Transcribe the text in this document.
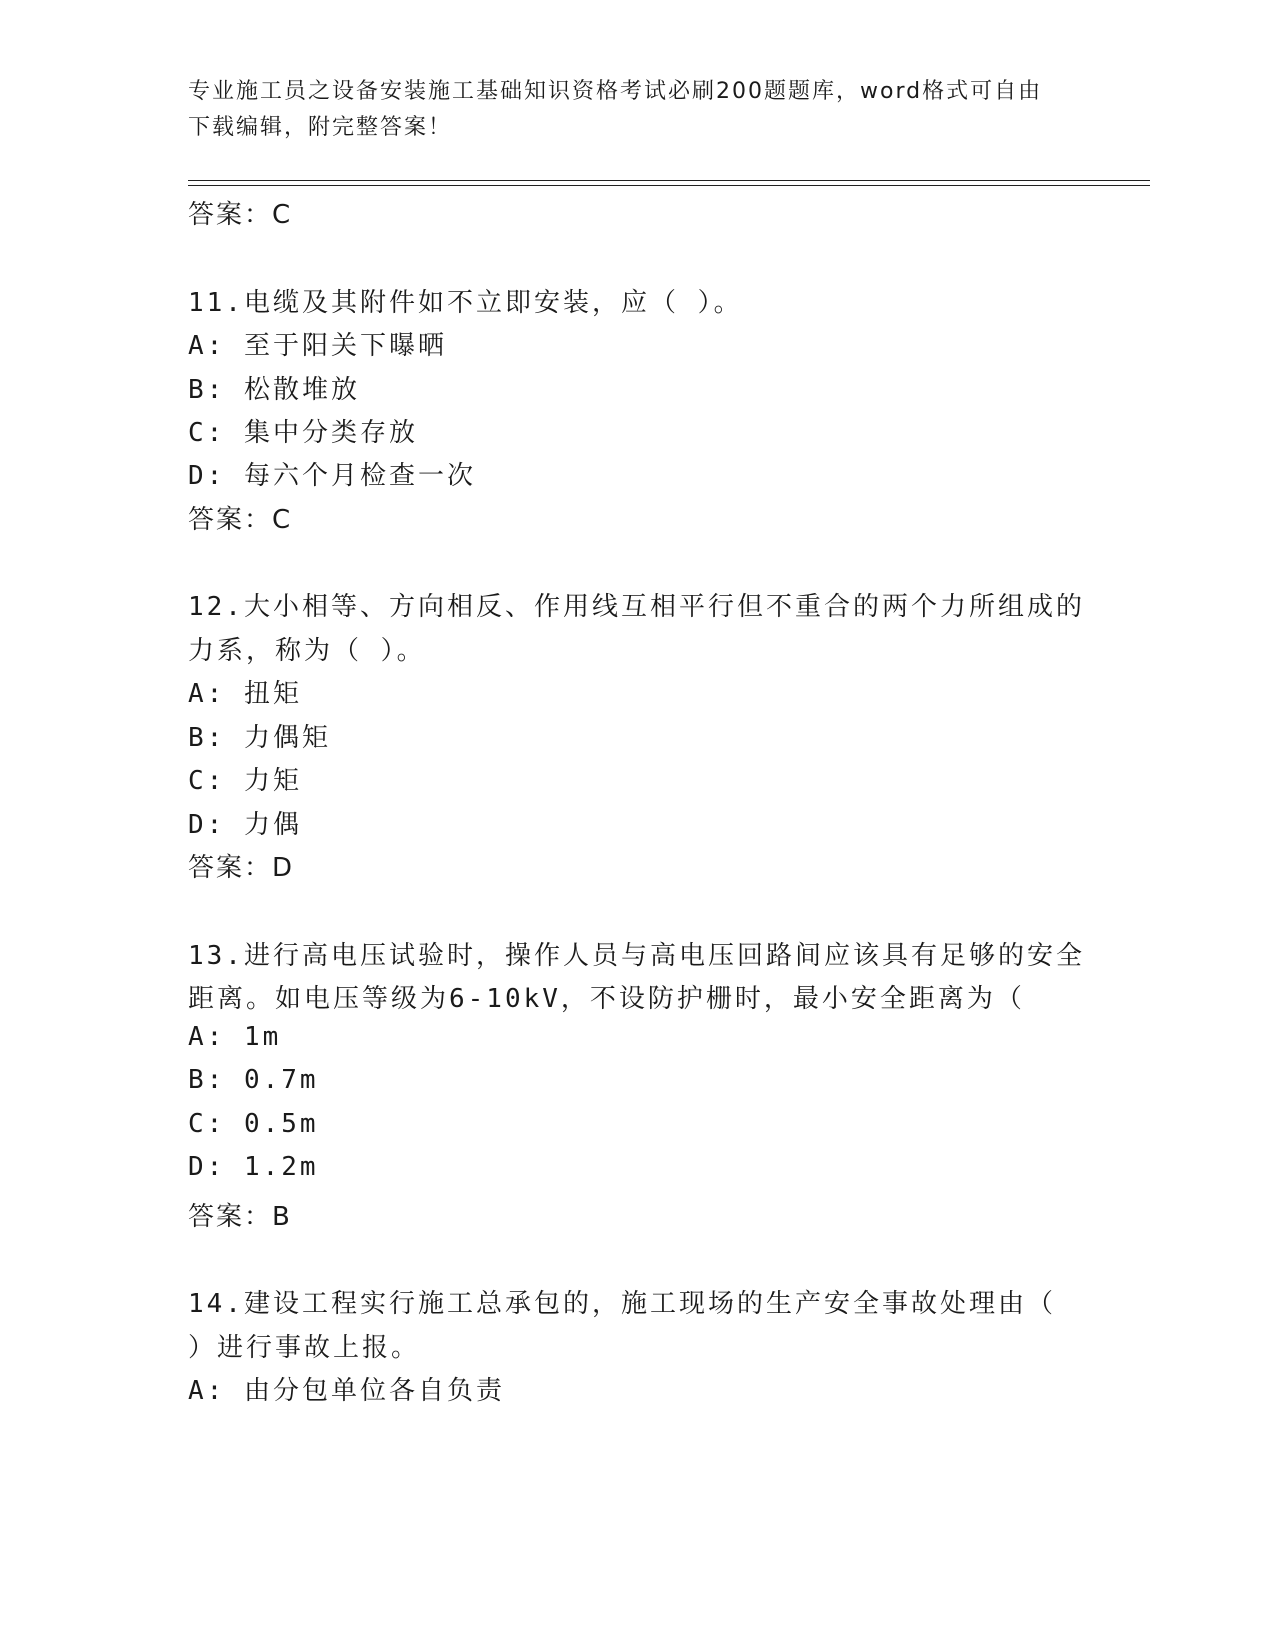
专业施工员之设备安装施工基础知识资格考试必刷200题题库，word格式可自由
下载编辑，附完整答案！
答案：C
11.电缆及其附件如不立即安装，应（ ）。
A: 至于阳关下曝晒
B: 松散堆放
C: 集中分类存放
D: 每六个月检查一次
答案：C
12.大小相等、方向相反、作用线互相平行但不重合的两个力所组成的
力系，称为（ ）。
A: 扭矩
B: 力偶矩
C: 力矩
D: 力偶
答案：D
13.进行高电压试验时，操作人员与高电压回路间应该具有足够的安全
距离。如电压等级为6-10kV，不设防护栅时，最小安全距离为（
A: 1m
B: 0.7m
C: 0.5m
D: 1.2m
答案：B
14.建设工程实行施工总承包的，施工现场的生产安全事故处理由（
）进行事故上报。
A: 由分包单位各自负责
